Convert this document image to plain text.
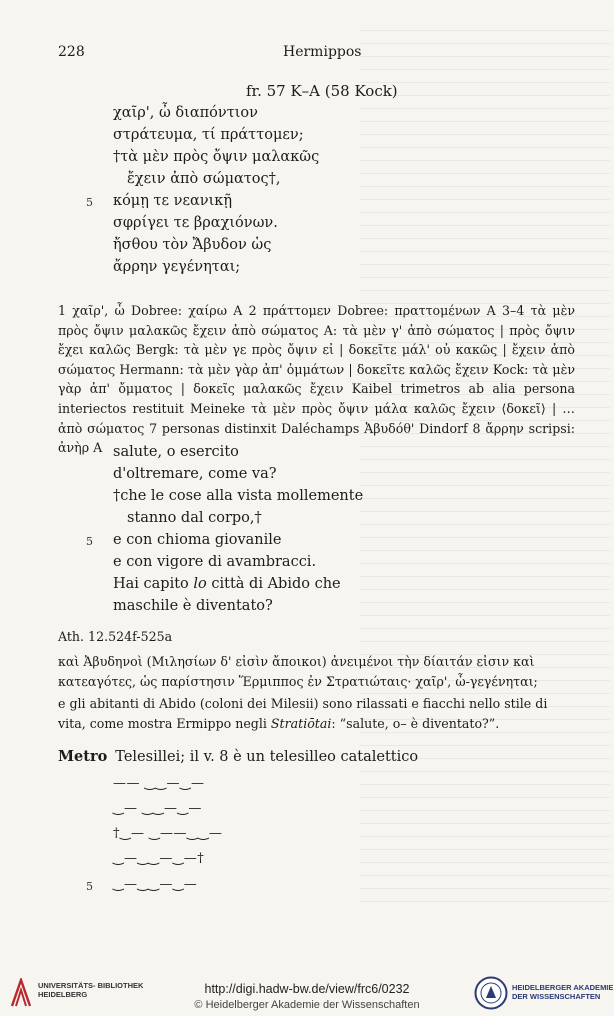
228	Hermippos
fr. 57 K–A (58 Kock)
χαῖρ', ὦ διαπόντιον
στράτευμα, τί πράττομεν;
†τὰ μὲν πρὸς ὄψιν μαλακῶς
ἔχειν ἀπὸ σώματος†,
5 κόμῃ τε νεανικῇ
σφρίγει τε βραχιόνων.
ἤσθου τὸν Ἄβυδον ὡς
ἄρρην γεγένηται;
1 χαῖρ', ὦ Dobree: χαίρω A 2 πράττομεν Dobree: πραττομένων A 3–4 τὰ μὲν πρὸς ὄψιν μαλακῶς ἔχειν ἀπὸ σώματος A: τὰ μὲν γ' ἀπὸ σώματος | πρὸς ὄψιν ἔχει καλῶς Bergk: τὰ μὲν γε πρὸς ὄψιν εἰ | δοκεῖτε μάλ' οὐ κακῶς | ἔχειν ἀπὸ σώματος Hermann: τὰ μὲν γὰρ ἀπ' ὀμμάτων | δοκεῖτε καλῶς ἔχειν Kock: τὰ μὲν γὰρ ἀπ' ὄμματος | δοκεῖς μαλακῶς ἔχειν Kaibel trimetros ab alia persona interiectos restituit Meineke τὰ μὲν πρὸς ὄψιν μάλα καλῶς ἔχειν ⟨δοκεῖ⟩ | … ἀπὸ σώματος 7 personas distinxit Daléchamps Ἀβυδόθ' Dindorf 8 ἄρρην scripsi: ἀνὴρ A salute, o esercito
d'oltremare, come va?
†che le cose alla vista mollemente
stanno dal corpo,†
5 e con chioma giovanile
e con vigore di avambracci.
Hai capito lo città di Abido che
maschile è diventato?
Ath. 12.524f-525a
καὶ Ἀβυδηνοὶ (Μιλησίων δ' εἰσὶν ἄποικοι) ἀνειμένοι τὴν δίαιτάν εἰσιν καὶ κατεαγότες, ὡς παρίστησιν Ἕρμιππος ἐν Στρατιώταις· χαῖρ', ὦ-γεγένηται;
e gli abitanti di Abido (coloni dei Milesii) sono rilassati e fiacchi nello stile di vita, come mostra Ermippo negli Stratiōtai: “salute, o– è diventato?”.
Metro Telesillei; il v. 8 è un telesilleo catalettico
—— ‿‿—‿—
‿— ‿‿—‿—
†‿— ‿——‿‿—
‿—‿‿—‿—†
5 ‿—‿‿—‿—
UNIVERSITÄTS- BIBLIOTHEK HEIDELBERG	http://digi.hadw-bw.de/view/frc6/0232
© Heidelberger Akademie der Wissenschaften
HEIDELBERGER AKADEMIE DER WISSENSCHAFTEN
